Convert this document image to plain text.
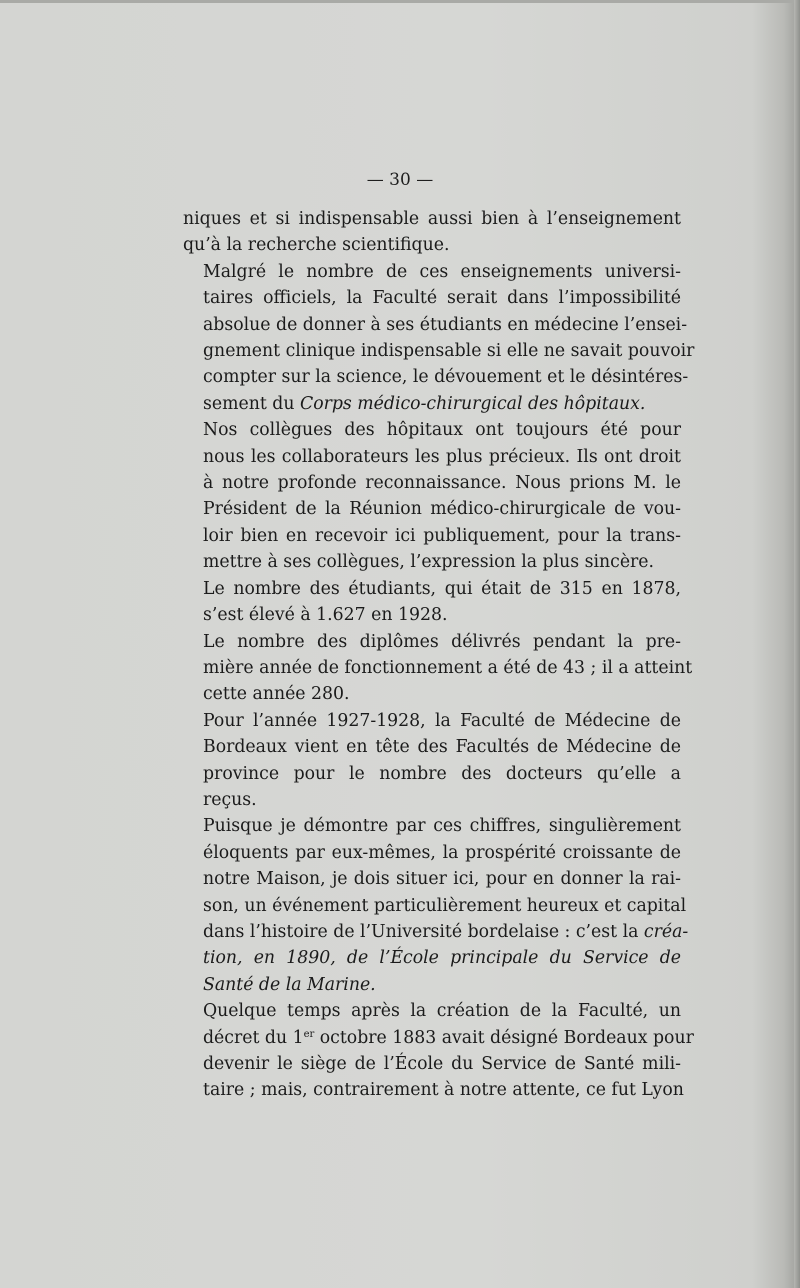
— 30 —

niques et si indispensable aussi bien à l’enseignement
qu’à la recherche scientifique.

Malgré le nombre de ces enseignements universi-
taires officiels, la Faculté serait dans l’impossibilité
absolue de donner à ses étudiants en médecine l’ensei-
gnement clinique indispensable si elle ne savait pouvoir
compter sur la science, le dévouement et le désintéres-
sement du Corps médico-chirurgical des hôpitaux.

Nos collègues des hôpitaux ont toujours été pour
nous les collaborateurs les plus précieux. Ils ont droit
à notre profonde reconnaissance. Nous prions M. le
Président de la Réunion médico-chirurgicale de vou-
loir bien en recevoir ici publiquement, pour la trans-
mettre à ses collègues, l’expression la plus sincère.

Le nombre des étudiants, qui était de 315 en 1878,
s’est élevé à 1.627 en 1928.

Le nombre des diplômes délivrés pendant la pre-
mière année de fonctionnement a été de 43 ; il a atteint
cette année 280.

Pour l’année 1927-1928, la Faculté de Médecine de
Bordeaux vient en tête des Facultés de Médecine de
province pour le nombre des docteurs qu’elle a
reçus.

Puisque je démontre par ces chiffres, singulièrement
éloquents par eux-mêmes, la prospérité croissante de
notre Maison, je dois situer ici, pour en donner la rai-
son, un événement particulièrement heureux et capital
dans l’histoire de l’Université bordelaise : c’est la créa-
tion, en 1890, de l’École principale du Service de
Santé de la Marine.

Quelque temps après la création de la Faculté, un
décret du 1er octobre 1883 avait désigné Bordeaux pour
devenir le siège de l’École du Service de Santé mili-
taire ; mais, contrairement à notre attente, ce fut Lyon
